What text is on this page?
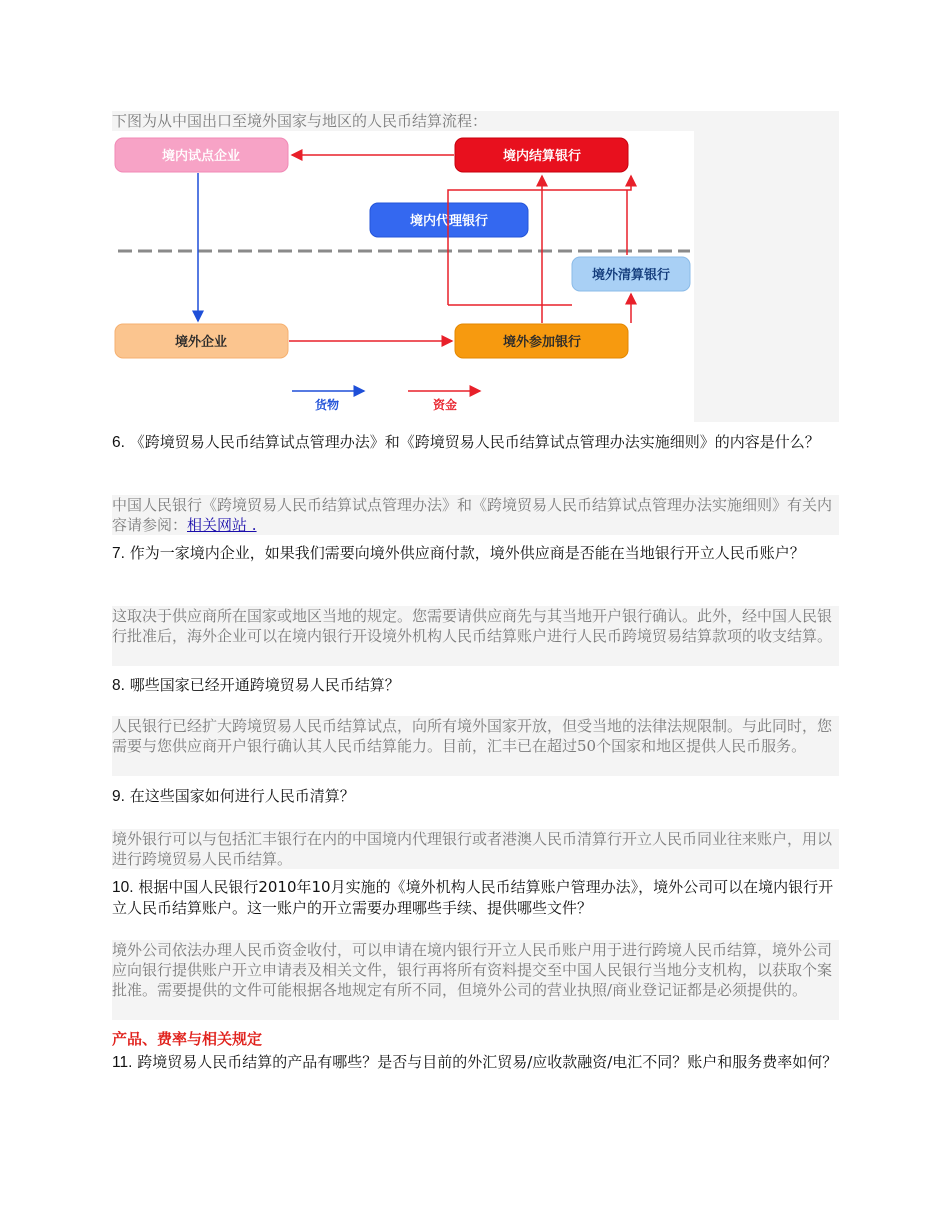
下图为从中国出口至境外国家与地区的人民币结算流程：
境内试点企业	境内结算银行
境内代理银行
境外清算银行
境外企业	境外参加银行
货物	资金
6. 《跨境贸易人民币结算试点管理办法》和《跨境贸易人民币结算试点管理办法实施细则》的内容是什么？
中国人民银行《跨境贸易人民币结算试点管理办法》和《跨境贸易人民币结算试点管理办法实施细则》有关内容请参阅：相关网站 .
7. 作为一家境内企业，如果我们需要向境外供应商付款，境外供应商是否能在当地银行开立人民币账户？
这取决于供应商所在国家或地区当地的规定。您需要请供应商先与其当地开户银行确认。此外，经中国人民银行批准后，海外企业可以在境内银行开设境外机构人民币结算账户进行人民币跨境贸易结算款项的收支结算。
8. 哪些国家已经开通跨境贸易人民币结算？
人民银行已经扩大跨境贸易人民币结算试点，向所有境外国家开放，但受当地的法律法规限制。与此同时，您需要与您供应商开户银行确认其人民币结算能力。目前，汇丰已在超过50个国家和地区提供人民币服务。
9. 在这些国家如何进行人民币清算？
境外银行可以与包括汇丰银行在内的中国境内代理银行或者港澳人民币清算行开立人民币同业往来账户，用以进行跨境贸易人民币结算。
10. 根据中国人民银行2010年10月实施的《境外机构人民币结算账户管理办法》，境外公司可以在境内银行开立人民币结算账户。这一账户的开立需要办理哪些手续、提供哪些文件？
境外公司依法办理人民币资金收付，可以申请在境内银行开立人民币账户用于进行跨境人民币结算，境外公司应向银行提供账户开立申请表及相关文件，银行再将所有资料提交至中国人民银行当地分支机构，以获取个案批准。需要提供的文件可能根据各地规定有所不同，但境外公司的营业执照/商业登记证都是必须提供的。
产品、费率与相关规定
11. 跨境贸易人民币结算的产品有哪些？是否与目前的外汇贸易/应收款融资/电汇不同？账户和服务费率如何？
